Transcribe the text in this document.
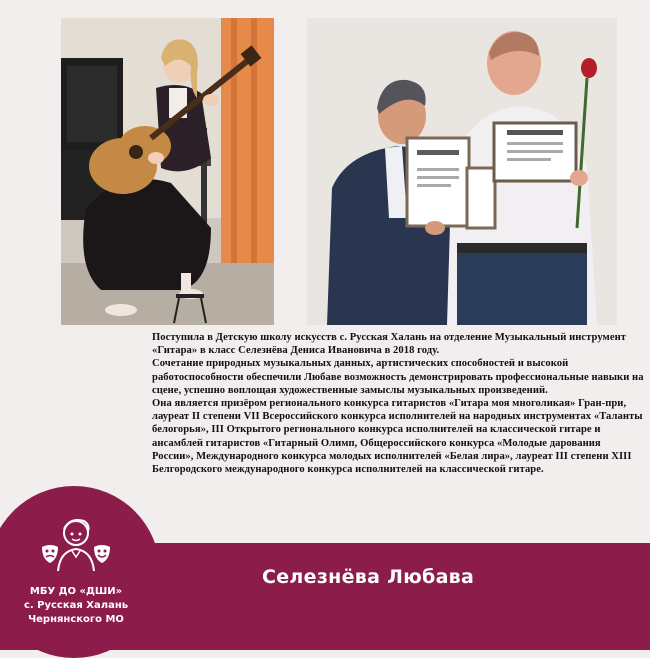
Поступила в Детскую школу искусств с. Русская Халань на отделение Музыкальный инструмент «Гитара» в класс Селезнёва Дениса Ивановича в 2018 году.

Сочетание природных музыкальных данных, артистических способностей и высокой работоспособности обеспечили Любаве возможность демонстрировать профессиональные навыки на сцене, успешно воплощая художественные замыслы музыкальных произведений.

Она является призёром регионального конкурса гитаристов «Гитара моя многоликая» Гран-при, лауреат II степени VII Всероссийского конкурса исполнителей на народных инструментах «Таланты белогорья», III Открытого регионального конкурса исполнителей на классической гитаре и ансамблей гитаристов «Гитарный Олимп, Общероссийского конкурса «Молодые дарования России», Международного конкурса молодых исполнителей «Белая лира», лауреат III степени XIII Белгородского международного конкурса исполнителей на классической гитаре.

МБУ ДО «ДШИ»
с. Русская Халань
Чернянского МО
Селезнёва Любава
